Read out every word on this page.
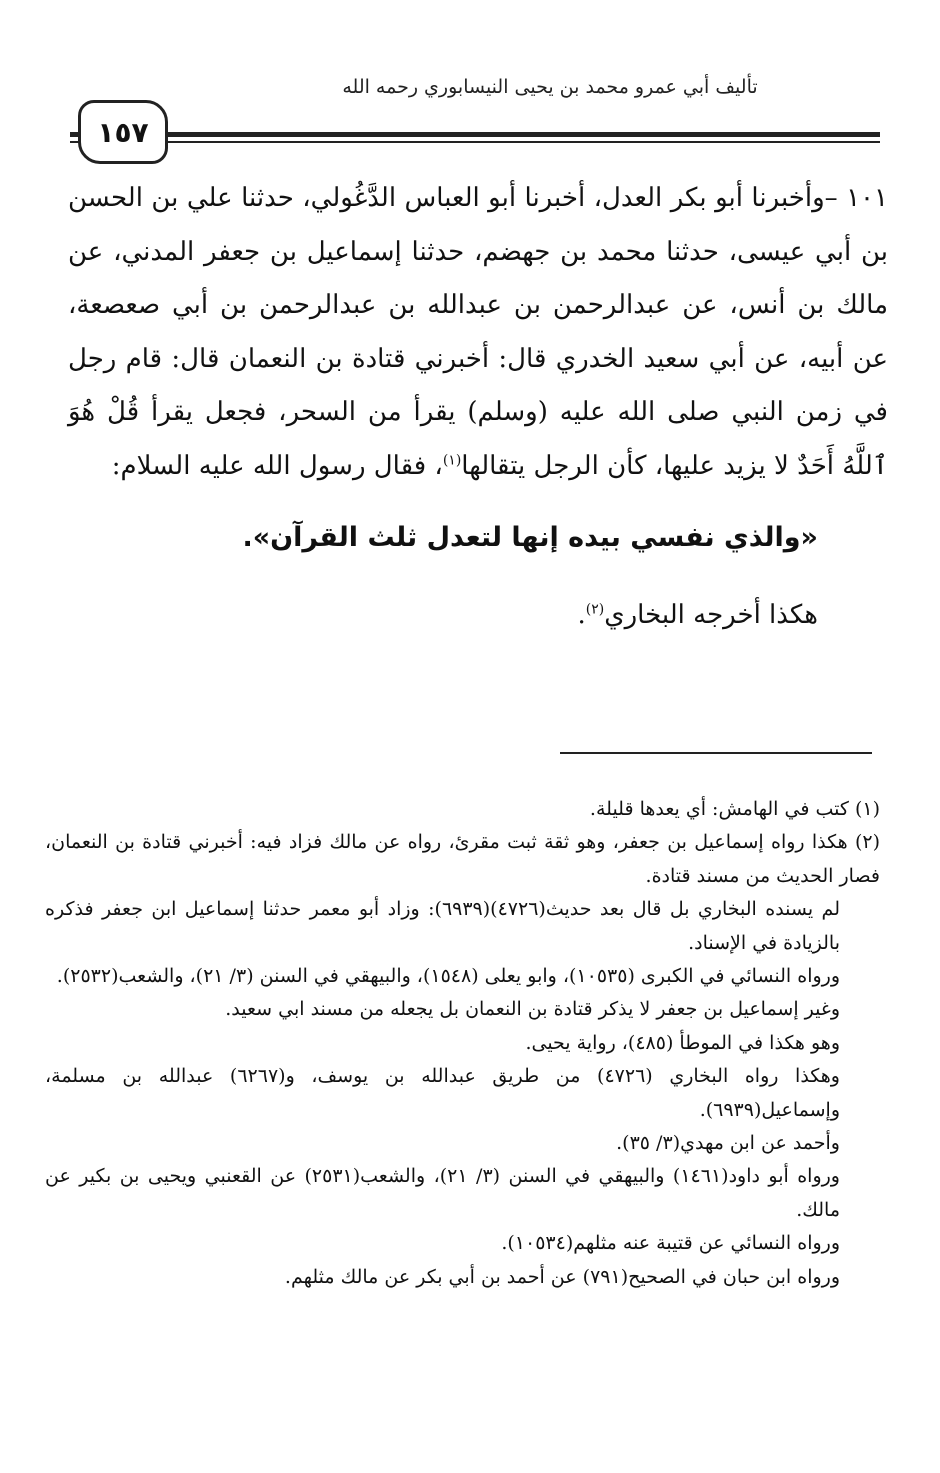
تأليف أبي عمرو محمد بن يحيى النيسابوري رحمه الله
١٥٧

١٠١ –وأخبرنا أبو بكر العدل، أخبرنا أبو العباس الدَّغُولي، حدثنا علي بن الحسن بن أبي عيسى، حدثنا محمد بن جهضم، حدثنا إسماعيل بن جعفر المدني، عن مالك بن أنس، عن عبدالرحمن بن عبدالله بن عبدالرحمن بن أبي صعصعة، عن أبيه، عن أبي سعيد الخدري قال: أخبرني قتادة بن النعمان قال: قام رجل في زمن النبي صلى الله عليه (وسلم) يقرأ من السحر، فجعل يقرأ قُلْ هُوَ ٱللَّهُ أَحَدٌ لا يزيد عليها، كأن الرجل يتقالها$^{(١)}$، فقال رسول الله عليه السلام:

«والذي نفسي بيده إنها لتعدل ثلث القرآن».
هكذا أخرجه البخاري$^{(٢)}$.

(١) كتب في الهامش: أي يعدها قليلة.

(٢) هكذا رواه إسماعيل بن جعفر، وهو ثقة ثبت مقرئ، رواه عن مالك فزاد فيه: أخبرني قتادة بن النعمان، فصار الحديث من مسند قتادة.

لم يسنده البخاري بل قال بعد حديث(٤٧٢٦)(٦٩٣٩): وزاد أبو معمر حدثنا إسماعيل ابن جعفر فذكره بالزيادة في الإسناد.

ورواه النسائي في الكبرى (١٠٥٣٥)، وابو يعلى (١٥٤٨)، والبيهقي في السنن (٣/ ٢١)، والشعب(٢٥٣٢).

وغير إسماعيل بن جعفر لا يذكر قتادة بن النعمان بل يجعله من مسند ابي سعيد.

وهو هكذا في الموطأ (٤٨٥)، رواية يحيى.

وهكذا رواه البخاري (٤٧٢٦) من طريق عبدالله بن يوسف، و(٦٢٦٧) عبدالله بن مسلمة، وإسماعيل(٦٩٣٩).

وأحمد عن ابن مهدي(٣/ ٣٥).

ورواه أبو داود(١٤٦١) والبيهقي في السنن (٣/ ٢١)، والشعب(٢٥٣١) عن القعنبي ويحيى بن بكير عن مالك.

ورواه النسائي عن قتيبة عنه مثلهم(١٠٥٣٤).

ورواه ابن حبان في الصحيح(٧٩١) عن أحمد بن أبي بكر عن مالك مثلهم.
